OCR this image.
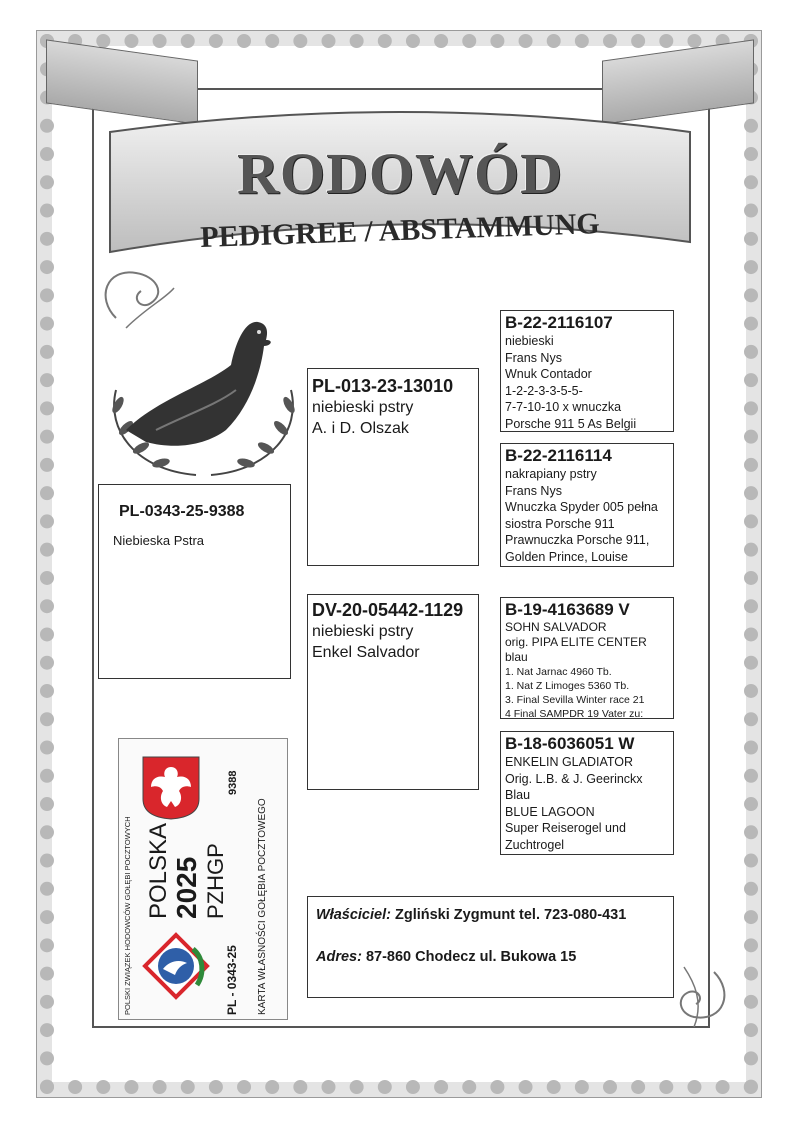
RODOWÓD
PEDIGREE / ABSTAMMUNG
PL-0343-25-9388
Niebieska Pstra
PL-013-23-13010
niebieski pstry
A. i D. Olszak
DV-20-05442-1129
niebieski pstry
Enkel Salvador
B-22-2116107
niebieski
Frans Nys
Wnuk Contador
1-2-2-3-3-5-5-
7-7-10-10 x wnuczka
Porsche 911 5 As Belgii
B-22-2116114
nakrapiany pstry
Frans Nys
Wnuczka Spyder 005 pełna
siostra Porsche 911
Prawnuczka Porsche 911,
Golden Prince, Louise
B-19-4163689 V
SOHN SALVADOR
orig. PIPA ELITE CENTER
blau
1. Nat Jarnac 4960 Tb.
1. Nat Z Limoges 5360 Tb.
3. Final Sevilla Winter race 21
4 Final SAMPDR 19 Vater zu:
B-18-6036051 W
ENKELIN GLADIATOR
Orig. L.B. & J. Geerinckx
Blau
BLUE LAGOON
Super Reiserogel und
Zuchtrogel
Właściciel: Zgliński Zygmunt tel. 723-080-431
Adres: 87-860 Chodecz ul. Bukowa 15
POLSKI ZWIĄZEK HODOWCÓW GOŁĘBI POCZTOWYCH POLSKA 2025 PZHGP
9388
PL - 0343-25 KARTA WŁASNOŚCI GOŁĘBIA POCZTOWEGO
